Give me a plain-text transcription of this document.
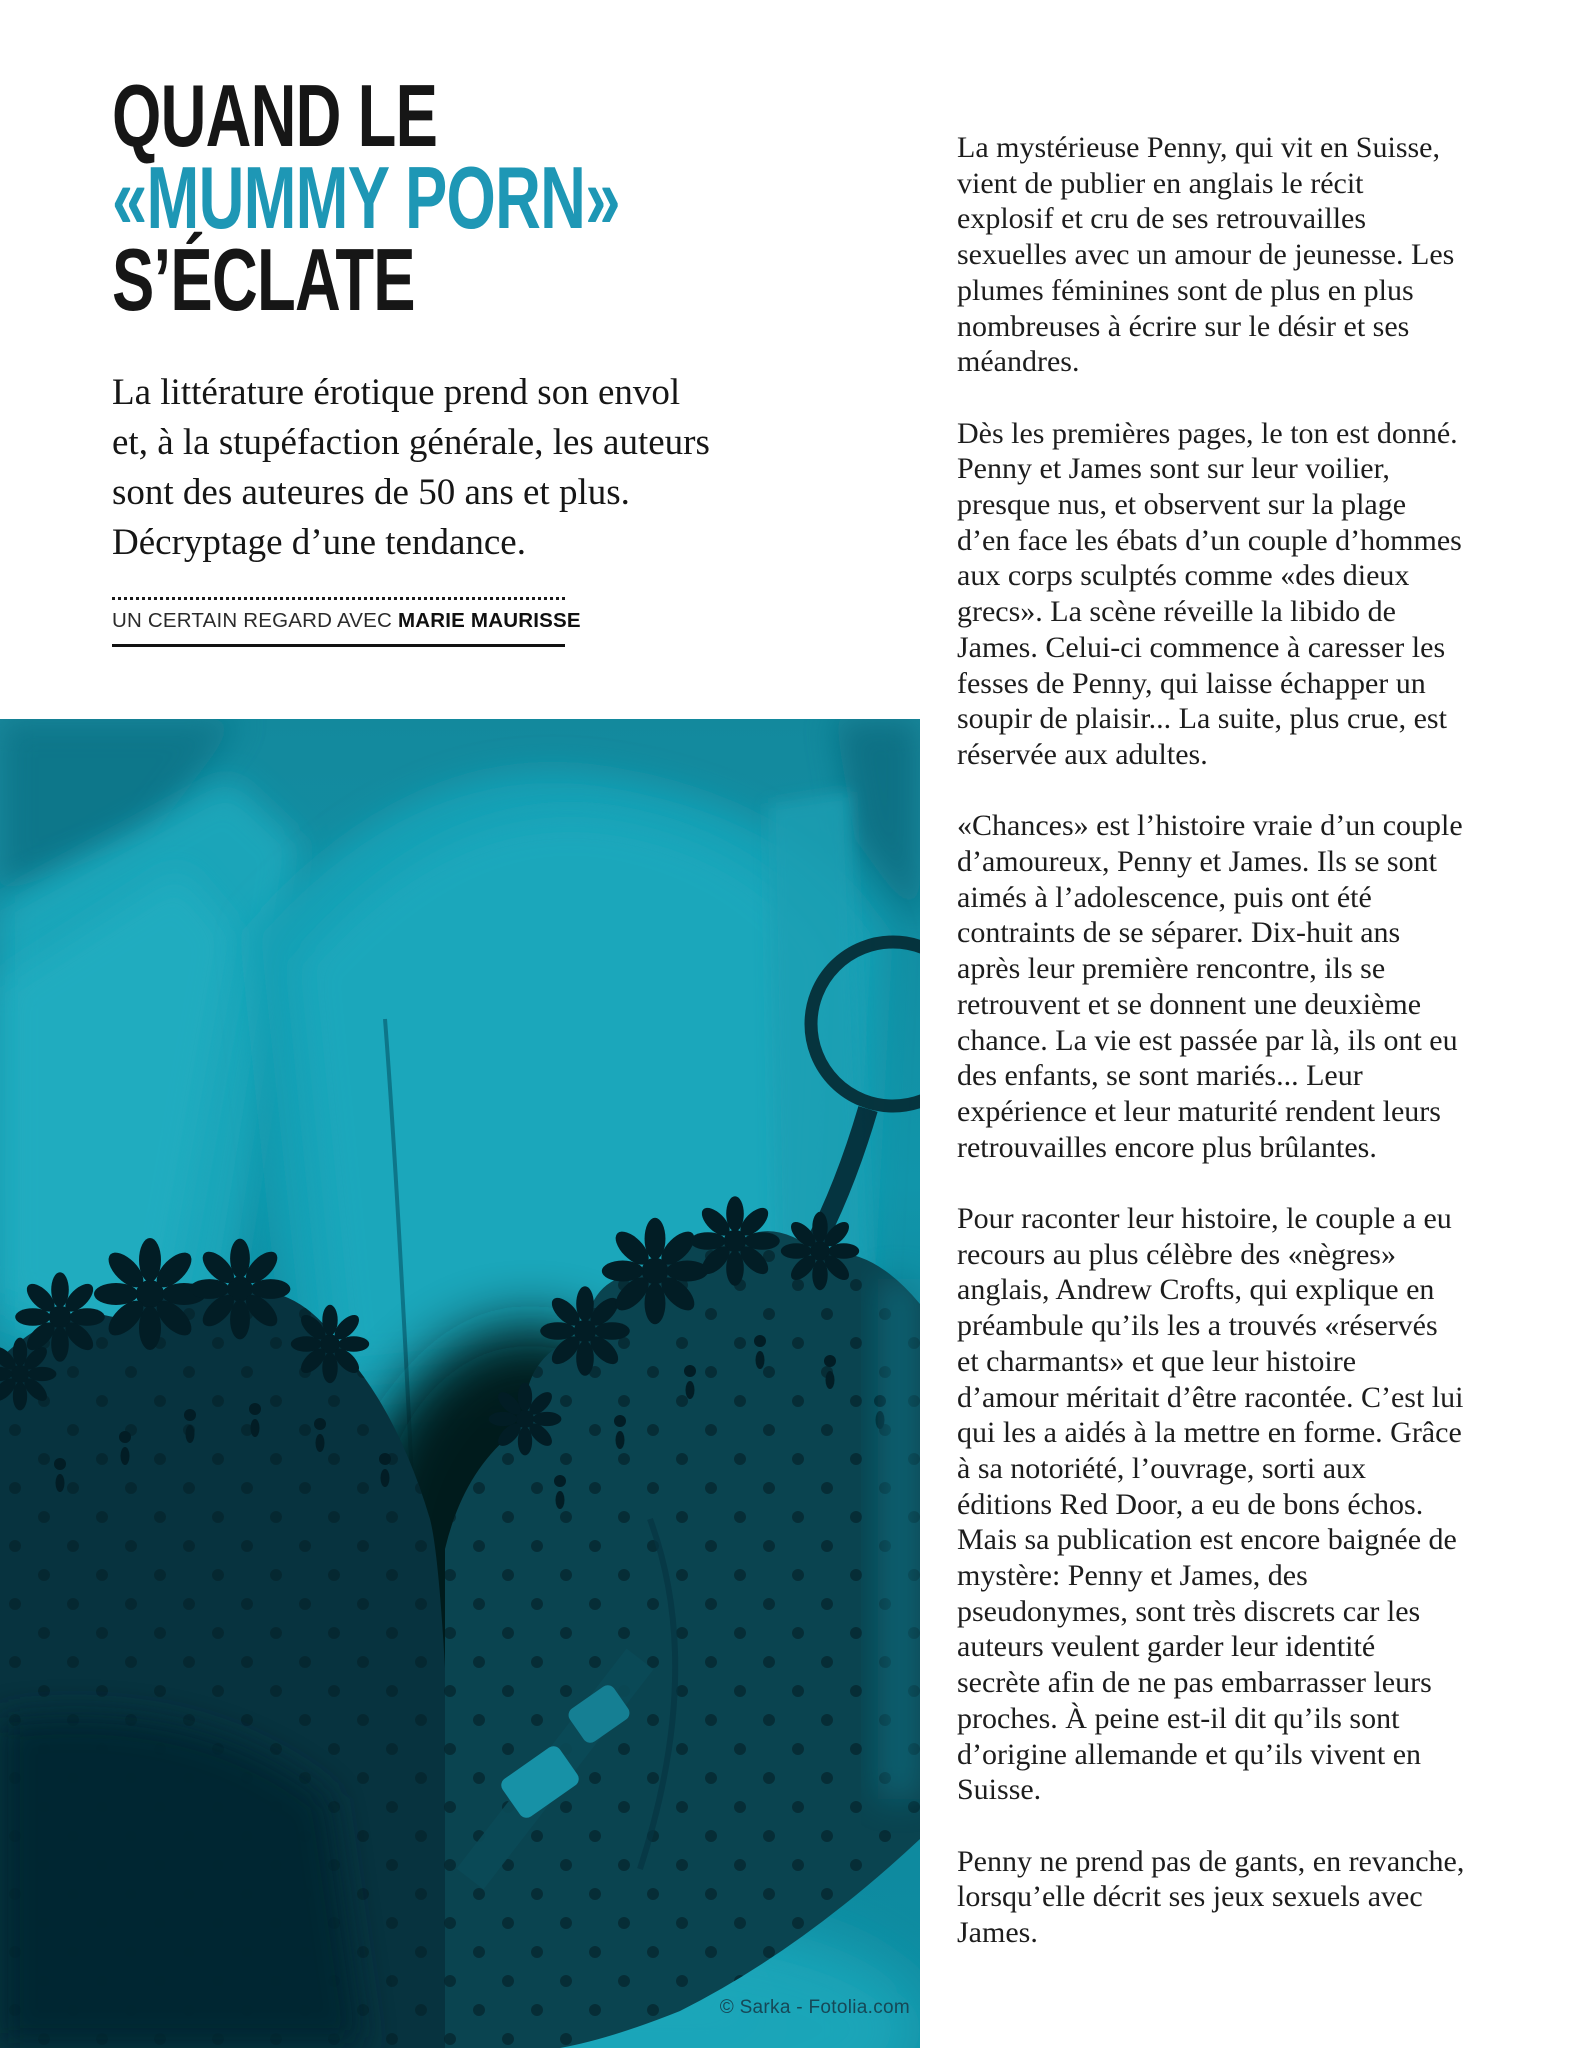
QUAND LE
«MUMMY PORN»
S’ÉCLATE
La littérature érotique prend son envol
et, à la stupéfaction générale, les auteurs
sont des auteures de 50 ans et plus.
Décryptage d’une tendance.
UN CERTAIN REGARD AVEC MARIE MAURISSE
© Sarka - Fotolia.com

La mystérieuse Penny, qui vit en Suisse, vient de publier en anglais le récit explosif et cru de ses retrouvailles sexuelles avec un amour de jeunesse. Les plumes féminines sont de plus en plus nombreuses à écrire sur le désir et ses méandres.

Dès les premières pages, le ton est donné. Penny et James sont sur leur voilier, presque nus, et observent sur la plage d’en face les ébats d’un couple d’hommes aux corps sculptés comme «des dieux grecs». La scène réveille la libido de James. Celui-ci commence à caresser les fesses de Penny, qui laisse échapper un soupir de plaisir... La suite, plus crue, est réservée aux adultes.

«Chances» est l’histoire vraie d’un couple d’amoureux, Penny et James. Ils se sont aimés à l’adolescence, puis ont été contraints de se séparer. Dix-huit ans après leur première rencontre, ils se retrouvent et se donnent une deuxième chance. La vie est passée par là, ils ont eu des enfants, se sont mariés... Leur expérience et leur maturité rendent leurs retrouvailles encore plus brûlantes.

Pour raconter leur histoire, le couple a eu recours au plus célèbre des «nègres» anglais, Andrew Crofts, qui explique en préambule qu’ils les a trouvés «réservés et charmants» et que leur histoire d’amour méritait d’être racontée. C’est lui qui les a aidés à la mettre en forme. Grâce à sa notoriété, l’ouvrage, sorti aux éditions Red Door, a eu de bons échos. Mais sa publication est encore baignée de mystère: Penny et James, des pseudonymes, sont très discrets car les auteurs veulent garder leur identité secrète afin de ne pas embarrasser leurs proches. À peine est-il dit qu’ils sont d’origine allemande et qu’ils vivent en Suisse.

Penny ne prend pas de gants, en revanche, lorsqu’elle décrit ses jeux sexuels avec James.
